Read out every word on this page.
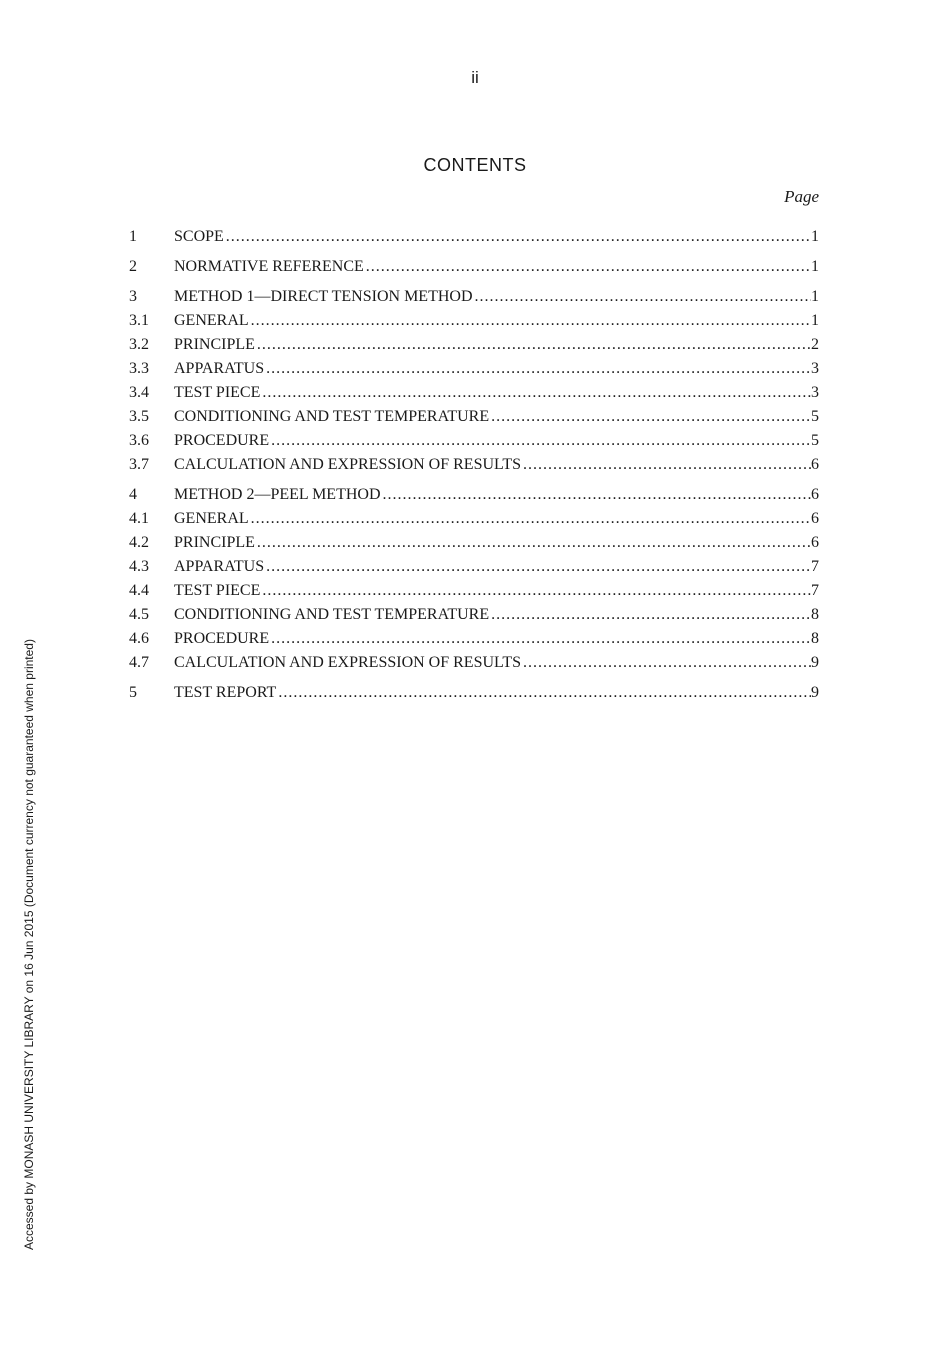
ii
CONTENTS
Page
1	SCOPE .....	1
2	NORMATIVE REFERENCE .....	1
3	METHOD 1—DIRECT TENSION METHOD .....	1
3.1	GENERAL .....	1
3.2	PRINCIPLE .....	2
3.3	APPARATUS .....	3
3.4	TEST PIECE .....	3
3.5	CONDITIONING AND TEST TEMPERATURE .....	5
3.6	PROCEDURE .....	5
3.7	CALCULATION AND EXPRESSION OF RESULTS .....	6
4	METHOD 2—PEEL METHOD .....	6
4.1	GENERAL .....	6
4.2	PRINCIPLE .....	6
4.3	APPARATUS .....	7
4.4	TEST PIECE .....	7
4.5	CONDITIONING AND TEST TEMPERATURE .....	8
4.6	PROCEDURE .....	8
4.7	CALCULATION AND EXPRESSION OF RESULTS .....	9
5	TEST REPORT .....	9
Accessed by MONASH UNIVERSITY LIBRARY on 16 Jun 2015 (Document currency not guaranteed when printed)
